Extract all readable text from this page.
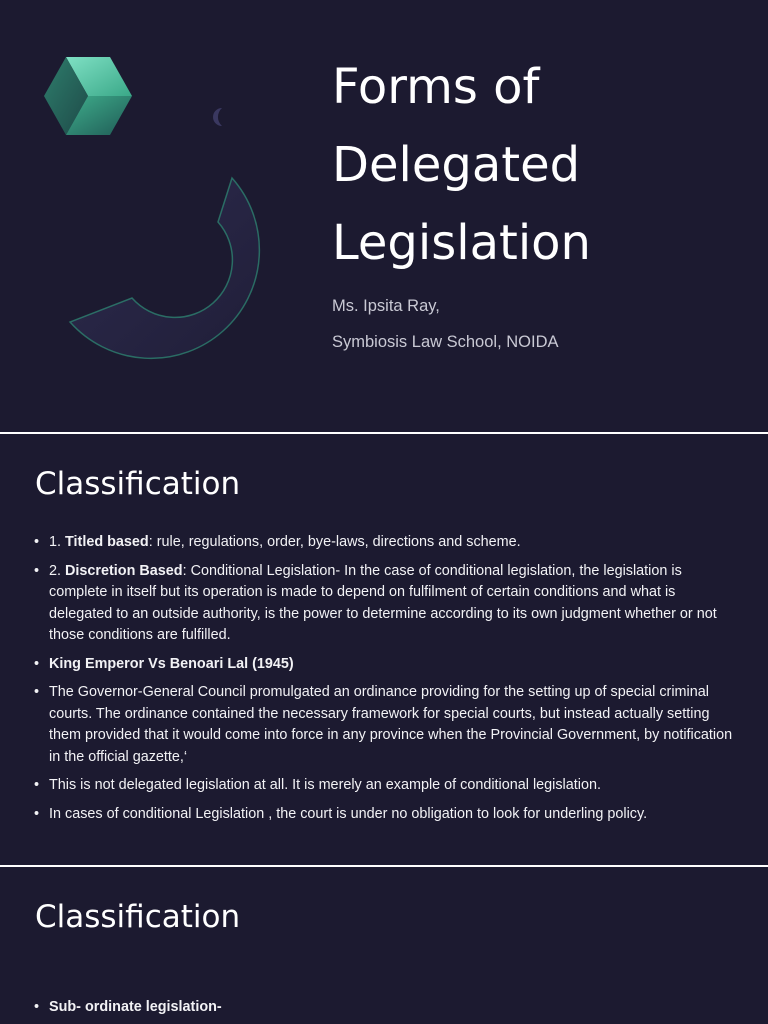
Forms of
Delegated
Legislation
Ms. Ipsita Ray,
Symbiosis Law School, NOIDA
Classification
• 1. Titled based: rule, regulations, order, bye-laws, directions and scheme.
• 2. Discretion Based: Conditional Legislation- In the case of conditional legislation, the legislation is complete in itself but its operation is made to depend on fulfilment of certain conditions and what is delegated to an outside authority, is the power to determine according to its own judgment whether or not those conditions are fulfilled.
• King Emperor Vs Benoari Lal (1945)
• The Governor-General Council promulgated an ordinance providing for the setting up of special criminal courts. The ordinance contained the necessary framework for special courts, but instead actually setting them provided that it would come into force in any province when the Provincial Government, by notification in the official gazette,‘
• This is not delegated legislation at all. It is merely an example of conditional legislation.
• In cases of conditional Legislation , the court is under no obligation to look for underling policy.
Classification
• Sub- ordinate legislation-
